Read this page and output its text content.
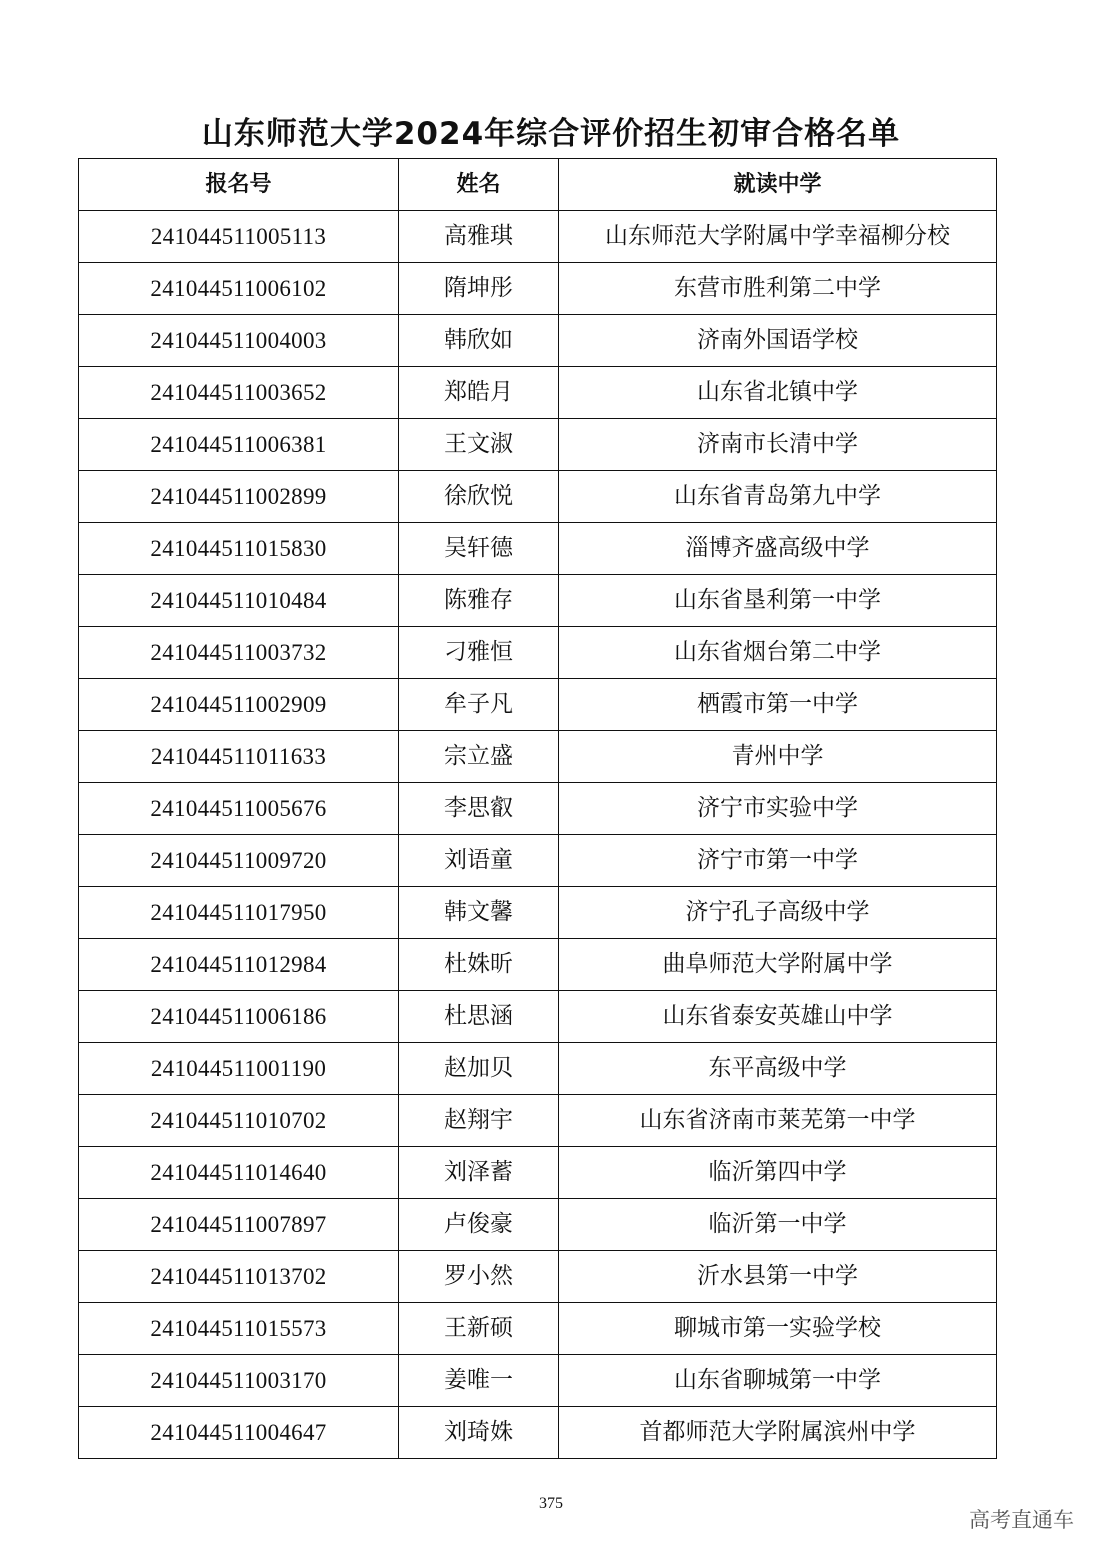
山东师范大学2024年综合评价招生初审合格名单
报名号	姓名	就读中学
241044511005113	高雅琪	山东师范大学附属中学幸福柳分校
241044511006102	隋坤彤	东营市胜利第二中学
241044511004003	韩欣如	济南外国语学校
241044511003652	郑皓月	山东省北镇中学
241044511006381	王文淑	济南市长清中学
241044511002899	徐欣悦	山东省青岛第九中学
241044511015830	吴轩德	淄博齐盛高级中学
241044511010484	陈雅存	山东省垦利第一中学
241044511003732	刁雅恒	山东省烟台第二中学
241044511002909	牟子凡	栖霞市第一中学
241044511011633	宗立盛	青州中学
241044511005676	李思叡	济宁市实验中学
241044511009720	刘语童	济宁市第一中学
241044511017950	韩文馨	济宁孔子高级中学
241044511012984	杜姝昕	曲阜师范大学附属中学
241044511006186	杜思涵	山东省泰安英雄山中学
241044511001190	赵加贝	东平高级中学
241044511010702	赵翔宇	山东省济南市莱芜第一中学
241044511014640	刘泽蓄	临沂第四中学
241044511007897	卢俊豪	临沂第一中学
241044511013702	罗小然	沂水县第一中学
241044511015573	王新硕	聊城市第一实验学校
241044511003170	姜唯一	山东省聊城第一中学
241044511004647	刘琦姝	首都师范大学附属滨州中学
375
高考直通车
